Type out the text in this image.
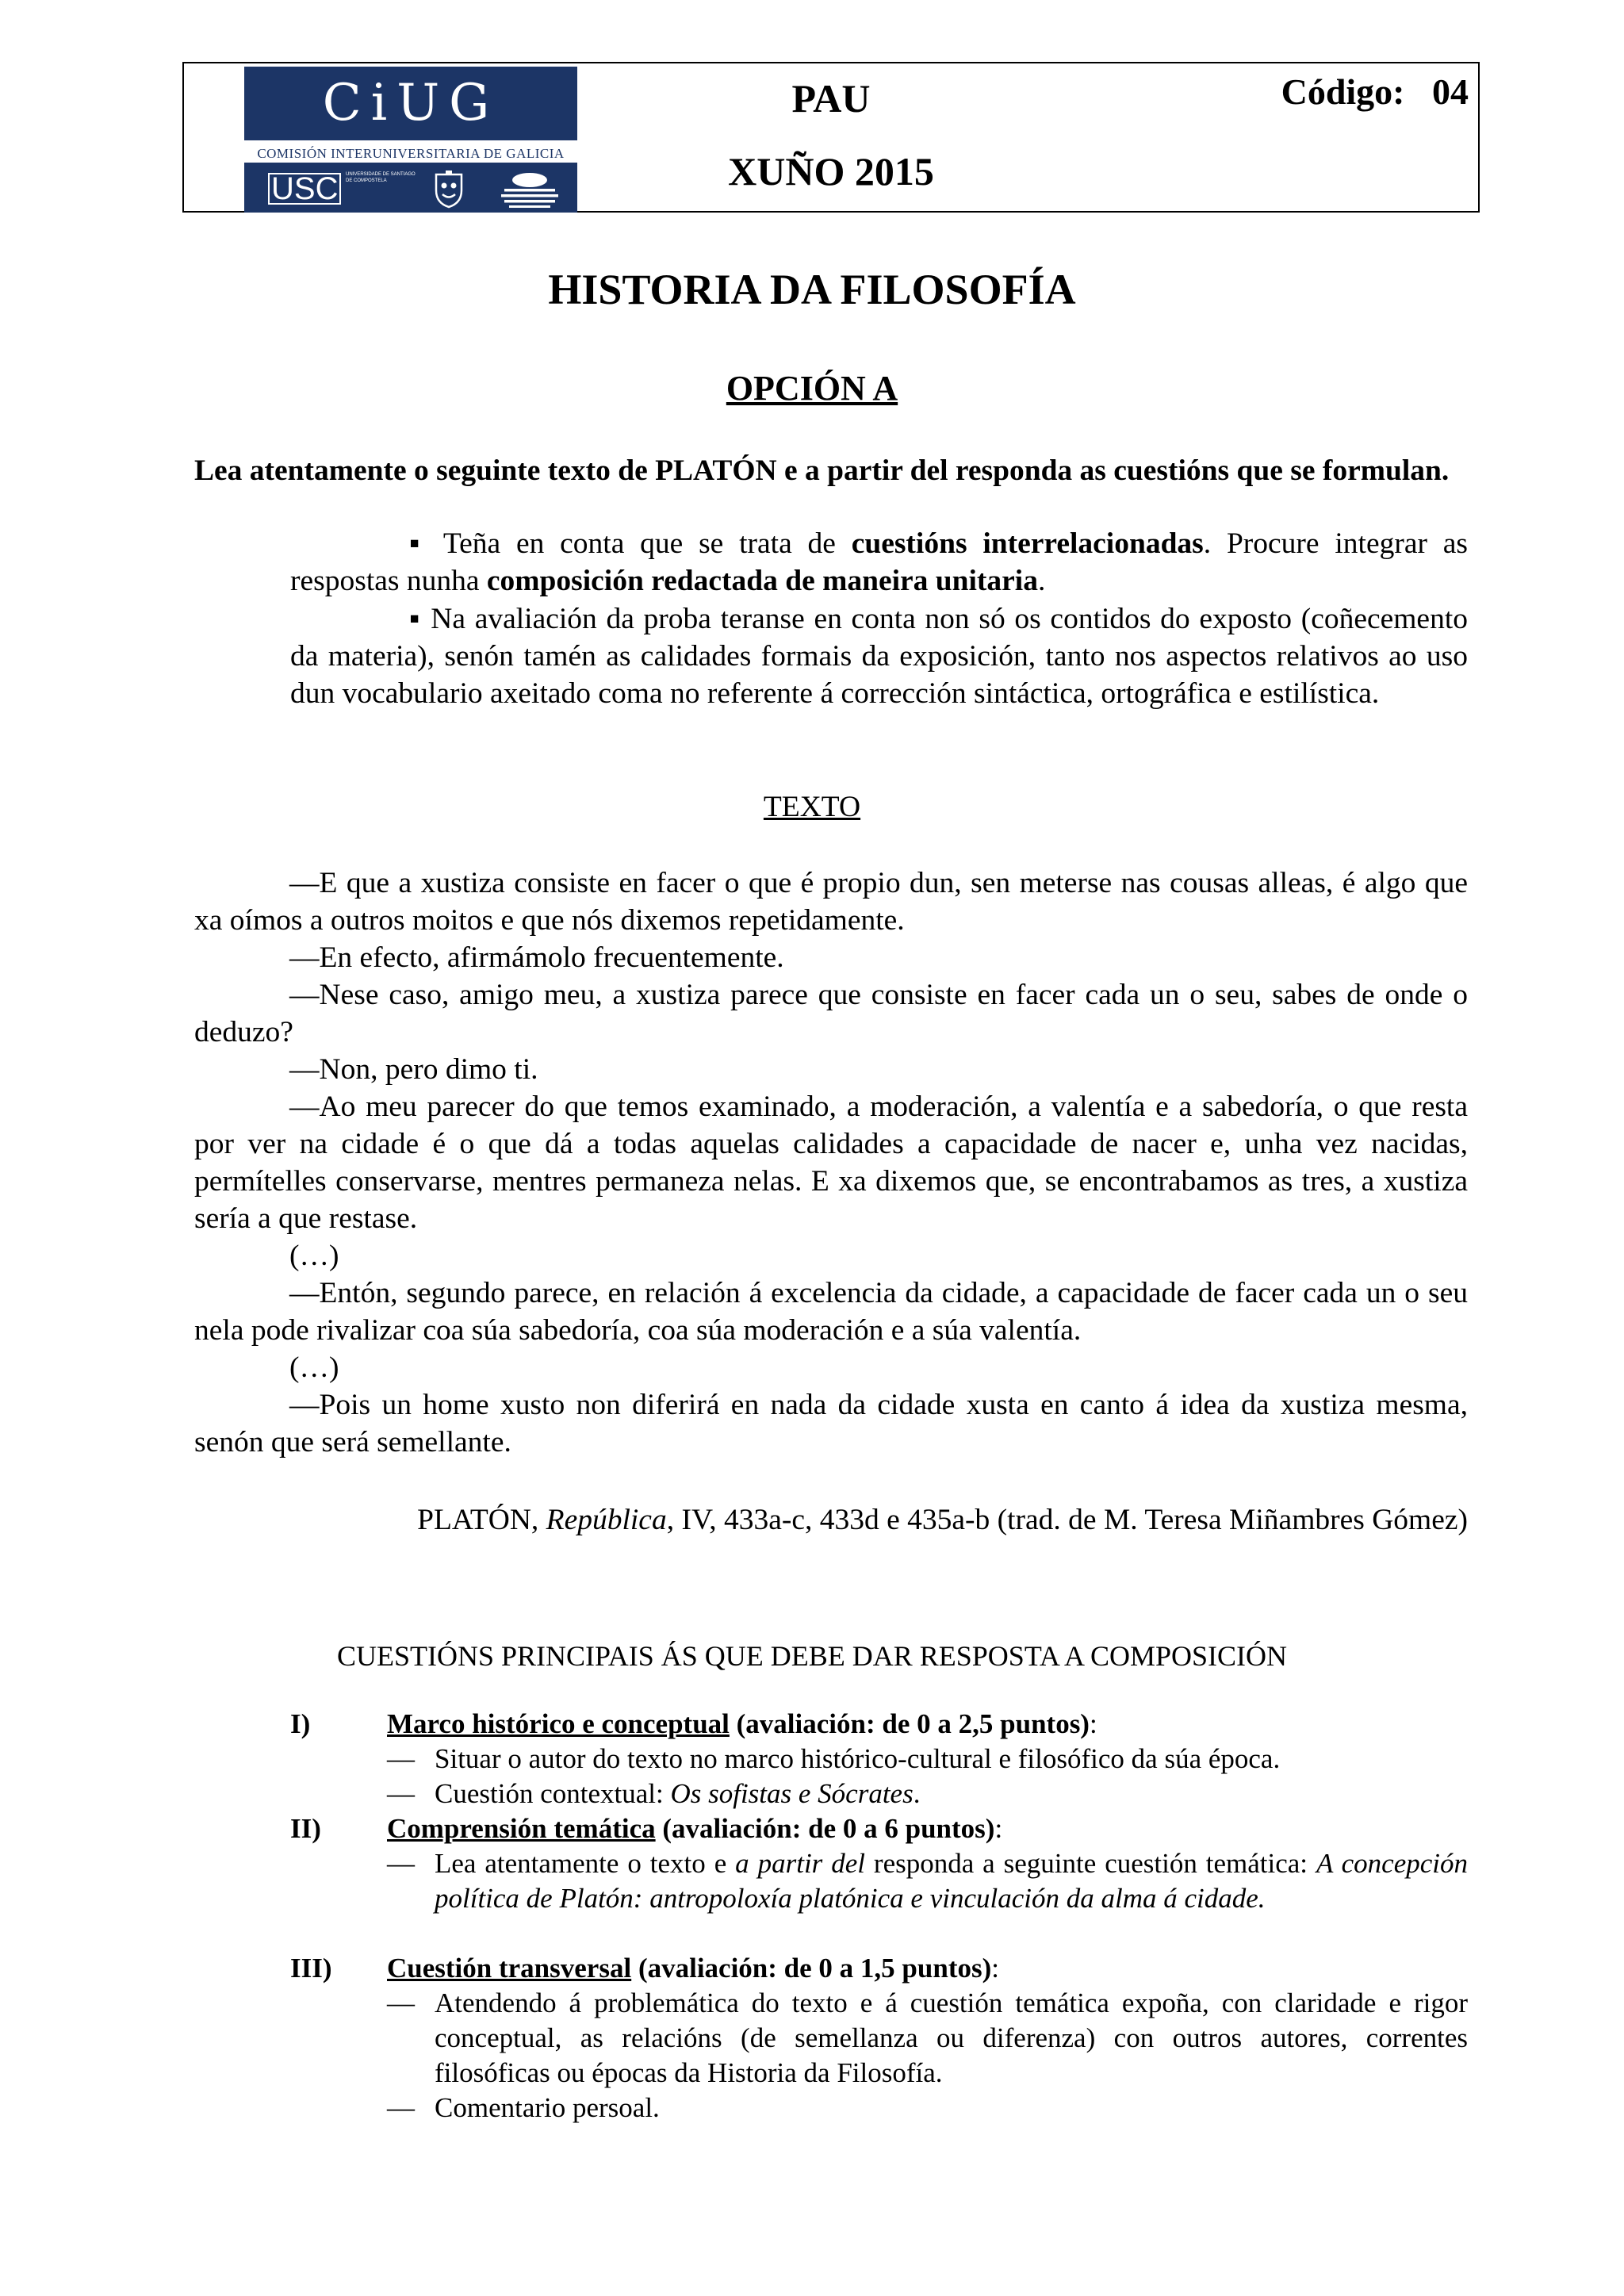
CiUG
COMISIÓN INTERUNIVERSITARIA DE GALICIA
USC	UNIVERSIDADE DE SANTIAGO DE COMPOSTELA
PAU
XUÑO 2015
Código: 04
HISTORIA DA FILOSOFÍA
OPCIÓN A
Lea atentamente o seguinte texto de PLATÓN e a partir del responda as cuestións que se formulan.
▪ Teña en conta que se trata de cuestións interrelacionadas. Procure integrar as respostas nunha composición redactada de maneira unitaria.
▪ Na avaliación da proba teranse en conta non só os contidos do exposto (coñecemento da materia), senón tamén as calidades formais da exposición, tanto nos aspectos relativos ao uso dun vocabulario axeitado coma no referente á corrección sintáctica, ortográfica e estilística.
TEXTO

—E que a xustiza consiste en facer o que é propio dun, sen meterse nas cousas alleas, é algo que xa oímos a outros moitos e que nós dixemos repetidamente.

—En efecto, afirmámolo frecuentemente.

—Nese caso, amigo meu, a xustiza parece que consiste en facer cada un o seu, sabes de onde o deduzo?

—Non, pero dimo ti.

—Ao meu parecer do que temos examinado, a moderación, a valentía e a sabedoría, o que resta por ver na cidade é o que dá a todas aquelas calidades a capacidade de nacer e, unha vez nacidas, permítelles conservarse, mentres permaneza nelas. E xa dixemos que, se encontrabamos as tres, a xustiza sería a que restase.

(…)

—Entón, segundo parece, en relación á excelencia da cidade, a capacidade de facer cada un o seu nela pode rivalizar coa súa sabedoría, coa súa moderación e a súa valentía.

(…)

—Pois un home xusto non diferirá en nada da cidade xusta en canto á idea da xustiza mesma, senón que será semellante.

PLATÓN, República, IV, 433a-c, 433d e 435a-b (trad. de M. Teresa Miñambres Gómez)
CUESTIÓNS PRINCIPAIS ÁS QUE DEBE DAR RESPOSTA A COMPOSICIÓN
I)	Marco histórico e conceptual (avaliación: de 0 a 2,5 puntos):
— Situar o autor do texto no marco histórico-cultural e filosófico da súa época.
— Cuestión contextual: Os sofistas e Sócrates.
II) Comprensión temática (avaliación: de 0 a 6 puntos):
— Lea atentamente o texto e a partir del responda a seguinte cuestión temática: A concepción política de Platón: antropoloxía platónica e vinculación da alma á cidade.
III) Cuestión transversal (avaliación: de 0 a 1,5 puntos):
— Atendendo á problemática do texto e á cuestión temática expoña, con claridade e rigor conceptual, as relacións (de semellanza ou diferenza) con outros autores, correntes filosóficas ou épocas da Historia da Filosofía.
— Comentario persoal.
